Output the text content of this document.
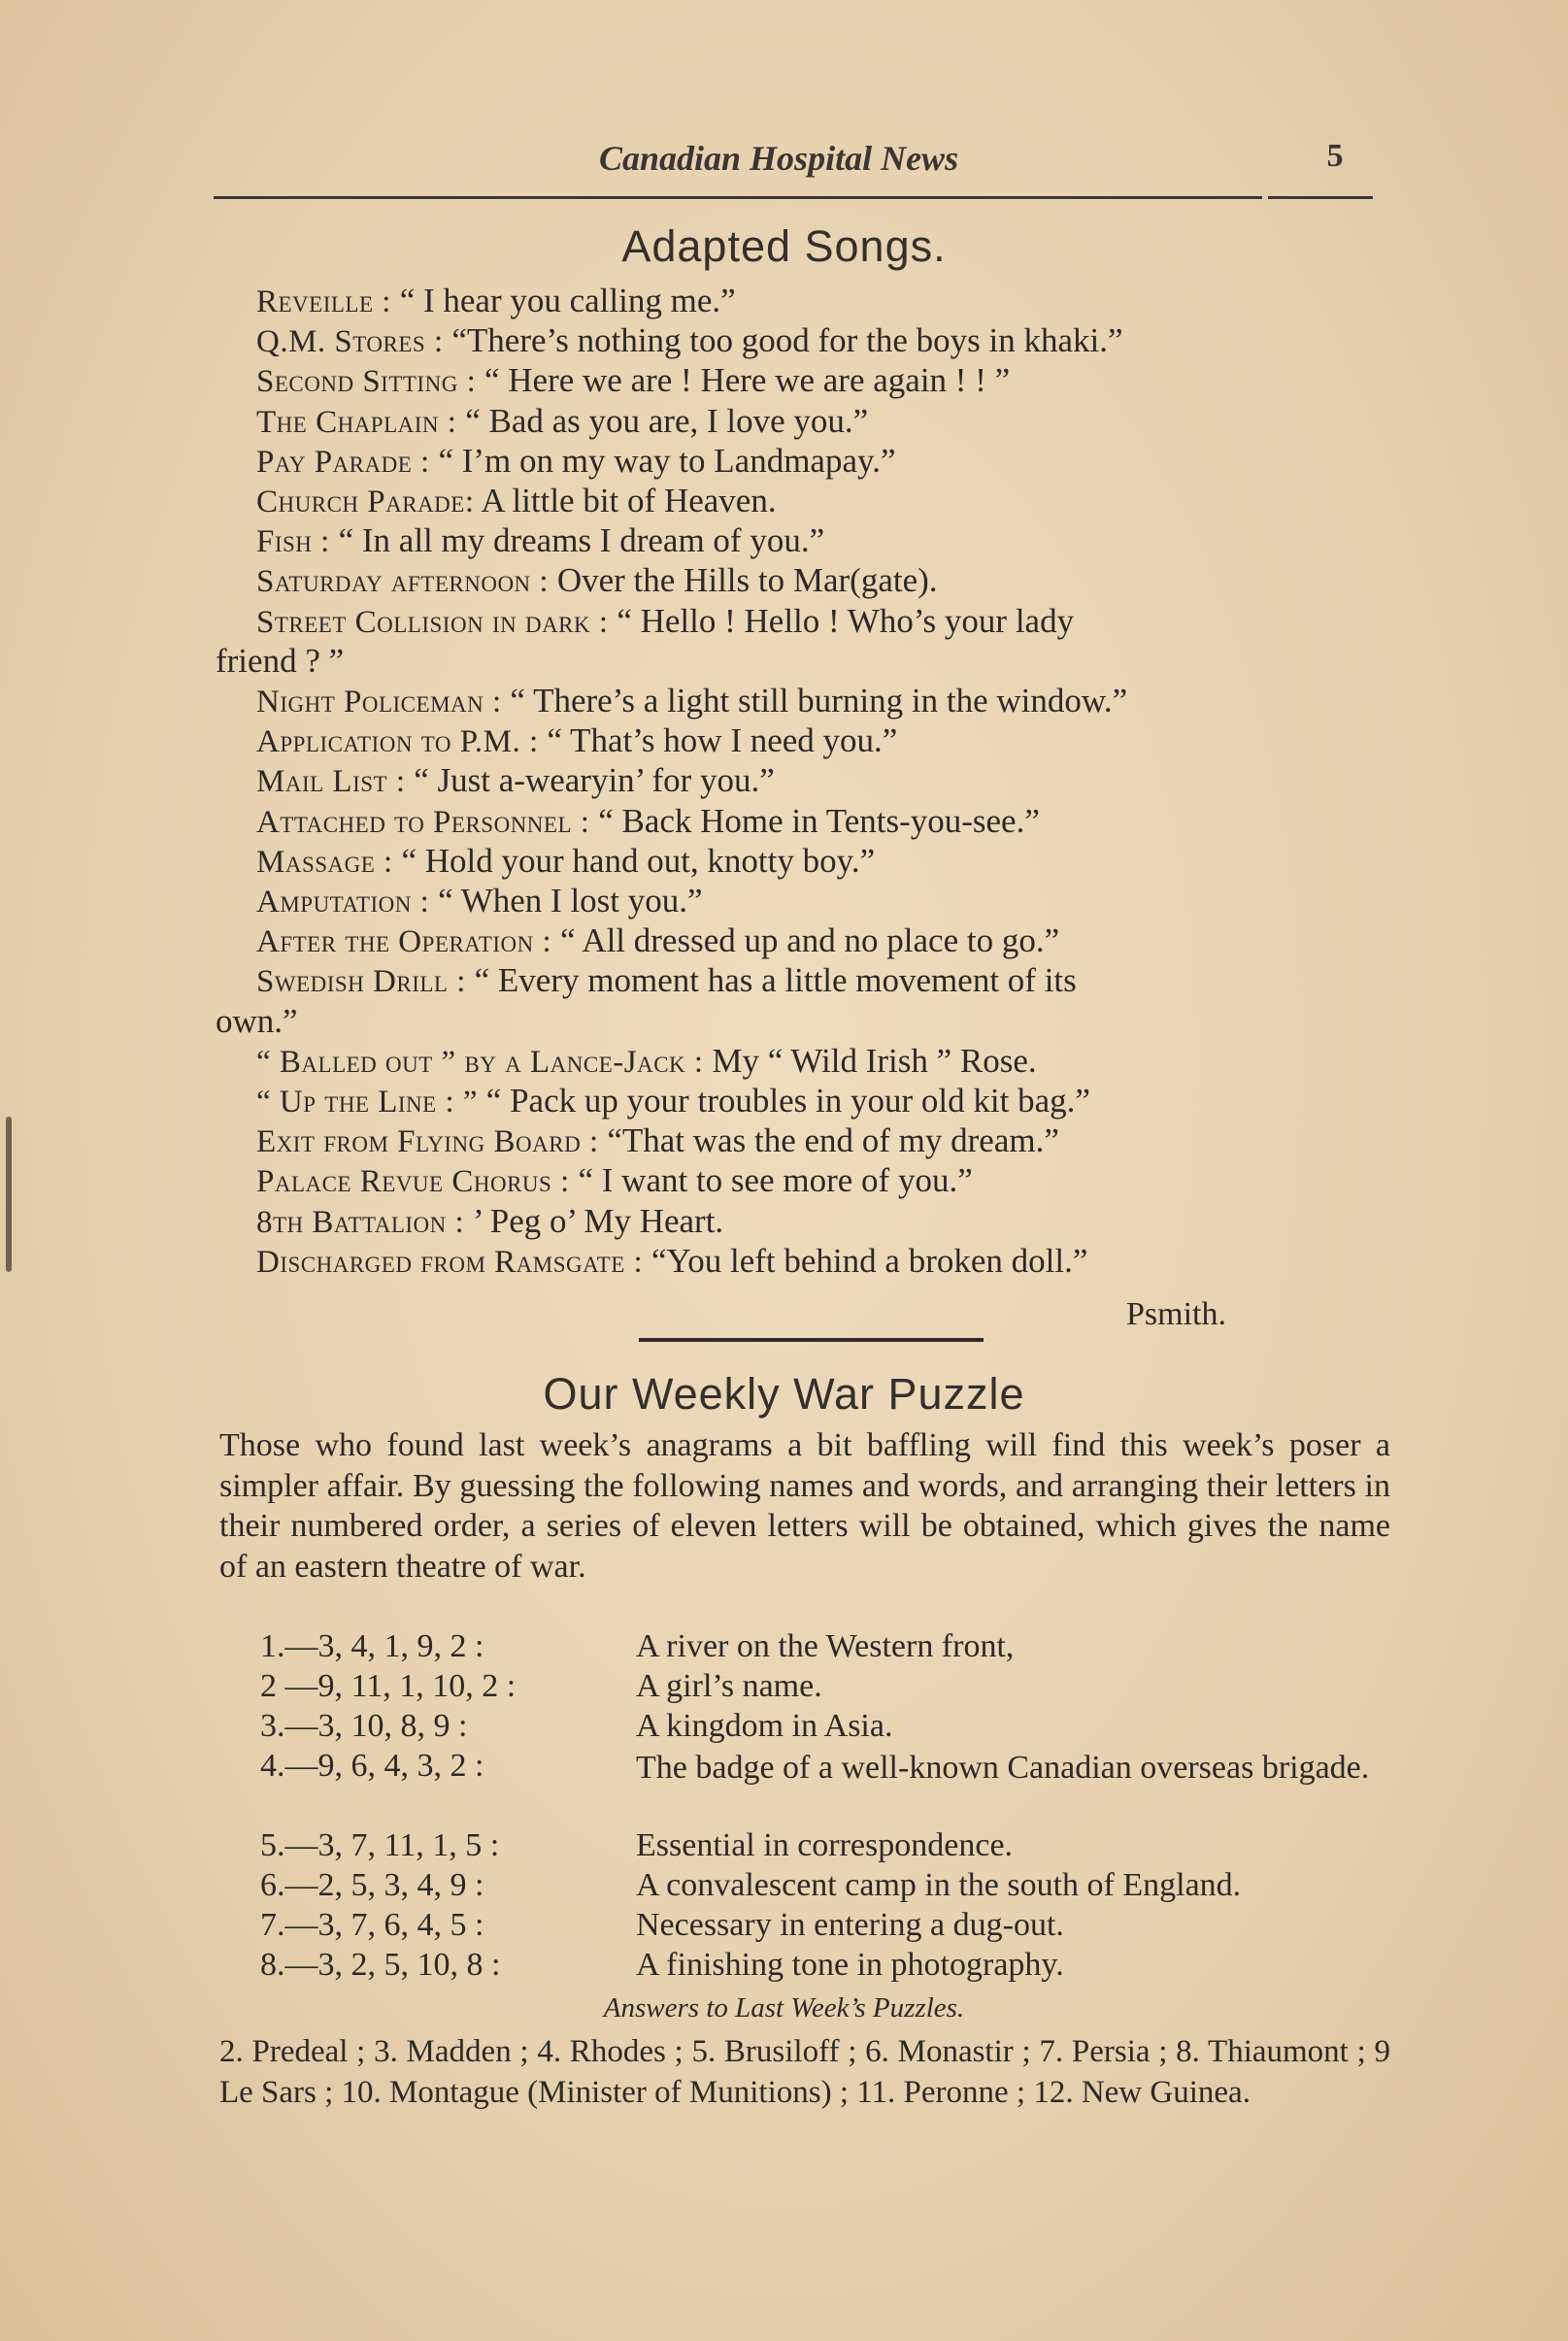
Canadian Hospital News	5
Adapted Songs.
Reveille : “ I hear you calling me.”
Q.M. Stores : “There’s nothing too good for the boys in khaki.”
Second Sitting : “ Here we are ! Here we are again ! ! ”
The Chaplain : “ Bad as you are, I love you.”
Pay Parade : “ I’m on my way to Landmapay.”
Church Parade: A little bit of Heaven.
Fish : “ In all my dreams I dream of you.”
Saturday afternoon : Over the Hills to Mar(gate).
Street Collision in dark : “ Hello ! Hello ! Who’s your lady
friend ? ”
Night Policeman : “ There’s a light still burning in the window.”
Application to P.M. : “ That’s how I need you.”
Mail List : “ Just a-wearyin’ for you.”
Attached to Personnel : “ Back Home in Tents-you-see.”
Massage : “ Hold your hand out, knotty boy.”
Amputation : “ When I lost you.”
After the Operation : “ All dressed up and no place to go.”
Swedish Drill : “ Every moment has a little movement of its
own.”
“ Balled out ” by a Lance-Jack : My “ Wild Irish ” Rose.
“ Up the Line : ” “ Pack up your troubles in your old kit bag.”
Exit from Flying Board : “That was the end of my dream.”
Palace Revue Chorus : “ I want to see more of you.”
8th Battalion : ’ Peg o’ My Heart.
Discharged from Ramsgate : “You left behind a broken doll.”
Psmith.
Our Weekly War Puzzle
Those who found last week’s anagrams a bit baffling will find this week’s poser a simpler affair. By guessing the following names and words, and arranging their letters in their numbered order, a series of eleven letters will be obtained, which gives the name of an eastern theatre of war.
1.—3, 4, 1, 9, 2 :	A river on the Western front,
2 —9, 11, 1, 10, 2 :	A girl’s name.
3.—3, 10, 8, 9 :	A kingdom in Asia.
4.—9, 6, 4, 3, 2 :	The badge of a well-known Canadian overseas brigade.
5.—3, 7, 11, 1, 5 :	Essential in correspondence.
6.—2, 5, 3, 4, 9 :	A convalescent camp in the south of England.
7.—3, 7, 6, 4, 5 :	Necessary in entering a dug-out.
8.—3, 2, 5, 10, 8 :	A finishing tone in photography.
Answers to Last Week’s Puzzles.
2. Predeal ; 3. Madden ; 4. Rhodes ; 5. Brusiloff ; 6. Monastir ; 7. Persia ; 8. Thiaumont ; 9 Le Sars ; 10. Montague (Minister of Munitions) ; 11. Peronne ; 12. New Guinea.
